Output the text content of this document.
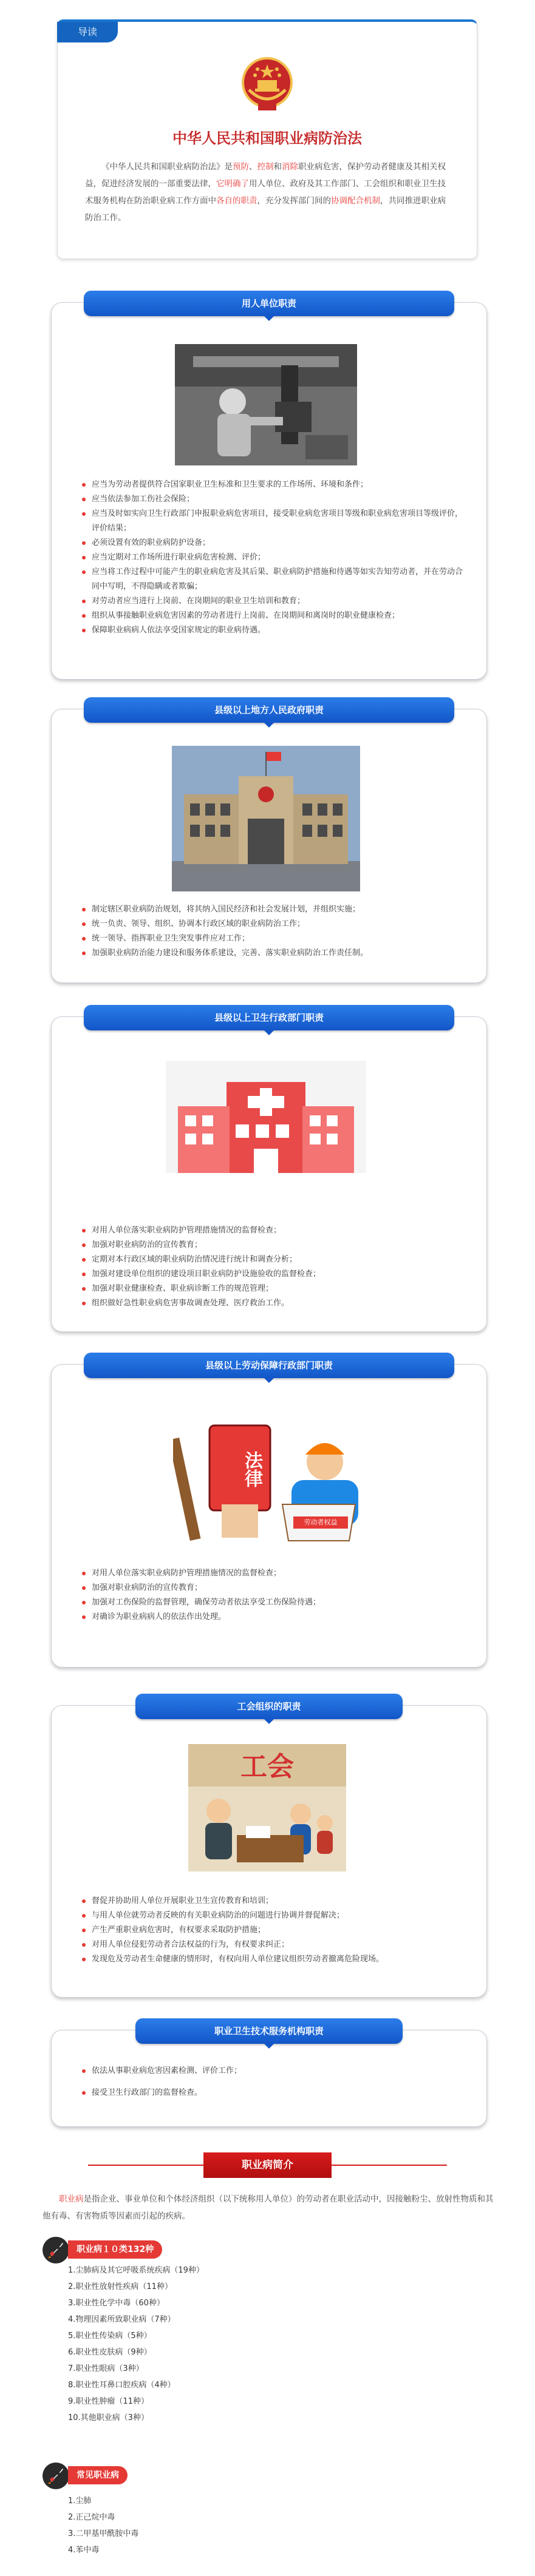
导读
中华人民共和国职业病防治法
《中华人民共和国职业病防治法》是预防、控制和消除职业病危害，保护劳动者健康及其相关权益，促进经济发展的一部重要法律，它明确了用人单位、政府及其工作部门、工会组织和职业卫生技术服务机构在防治职业病工作方面中各自的职责，充分发挥部门间的协调配合机制，共同推进职业病防治工作。
用人单位职责
应当为劳动者提供符合国家职业卫生标准和卫生要求的工作场所、环境和条件；
应当依法参加工伤社会保险；
应当及时如实向卫生行政部门申报职业病危害项目，接受职业病危害项目等级和职业病危害项目等级评价，评价结果；
必须设置有效的职业病防护设备；
应当定期对工作场所进行职业病危害检测、评价；
应当将工作过程中可能产生的职业病危害及其后果、职业病防护措施和待遇等如实告知劳动者，并在劳动合同中写明，不得隐瞒或者欺骗；
对劳动者应当进行上岗前、在岗期间的职业卫生培训和教育；
组织从事接触职业病危害因素的劳动者进行上岗前、在岗期间和离岗时的职业健康检查；
保障职业病病人依法享受国家规定的职业病待遇。
县级以上地方人民政府职责
制定辖区职业病防治规划，将其纳入国民经济和社会发展计划，并组织实施；
统一负责、领导、组织、协调本行政区域的职业病防治工作；
统一领导、指挥职业卫生突发事件应对工作；
加强职业病防治能力建设和服务体系建设，完善、落实职业病防治工作责任制。
县级以上卫生行政部门职责
对用人单位落实职业病防护管理措施情况的监督检查；
加强对职业病防治的宣传教育；
定期对本行政区域的职业病防治情况进行统计和调查分析；
加强对建设单位组织的建设项目职业病防护设施验收的监督检查；
加强对职业健康检查、职业病诊断工作的规范管理；
组织做好急性职业病危害事故调查处理、医疗救治工作。
县级以上劳动保障行政部门职责
法律
劳动者权益
对用人单位落实职业病防护管理措施情况的监督检查；
加强对职业病防治的宣传教育；
加强对工伤保险的监督管理，确保劳动者依法享受工伤保险待遇；
对确诊为职业病病人的依法作出处理。
工会组织的职责
工会
督促并协助用人单位开展职业卫生宣传教育和培训；
与用人单位就劳动者反映的有关职业病防治的问题进行协调并督促解决；
产生严重职业病危害时，有权要求采取防护措施；
对用人单位侵犯劳动者合法权益的行为，有权要求纠正；
发现危及劳动者生命健康的情形时，有权向用人单位建议组织劳动者撤离危险现场。
职业卫生技术服务机构职责
依法从事职业病危害因素检测、评价工作；
接受卫生行政部门的监督检查。
职业病简介
职业病是指企业、事业单位和个体经济组织（以下统称用人单位）的劳动者在职业活动中，因接触粉尘、放射性物质和其他有毒、有害物质等因素而引起的疾病。
职业病１０类132种
1.尘肺病及其它呼吸系统疾病（19种）
2.职业性放射性疾病（11种）
3.职业性化学中毒（60种）
4.物理因素所致职业病（7种）
5.职业性传染病（5种）
6.职业性皮肤病（9种）
7.职业性眼病（3种）
8.职业性耳鼻口腔疾病（4种）
9.职业性肿瘤（11种）
10.其他职业病（3种）
常见职业病
1.尘肺
2.正己烷中毒
3.二甲基甲酰胺中毒
4.苯中毒
